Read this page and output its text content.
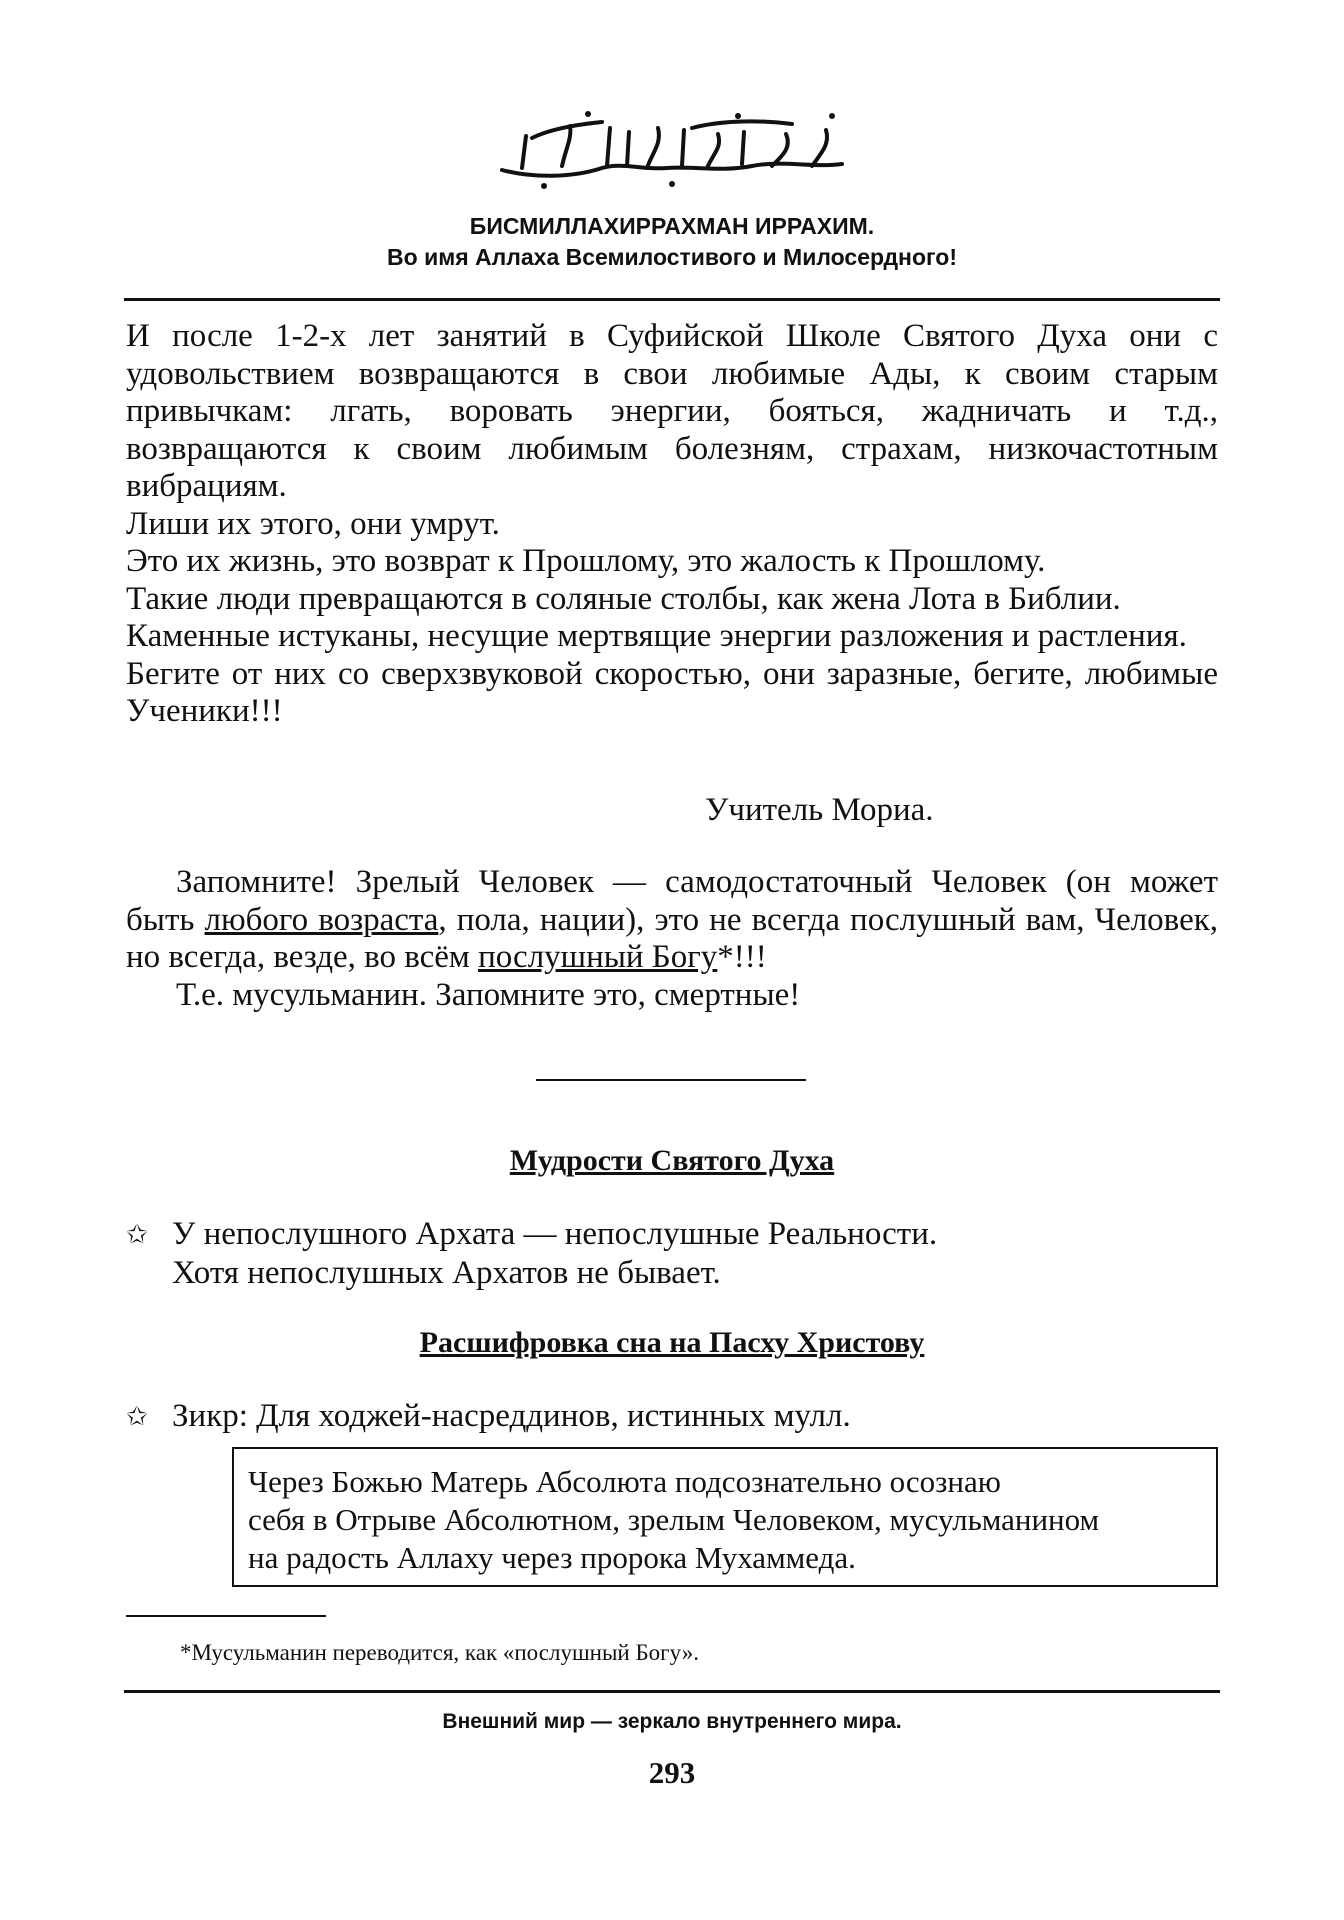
بِسْمِ اللَّهِ الرَّحْمَنِ الرَّحِيمِ
БИСМИЛЛАХИРРАХМАН ИРРАХИМ.
Во имя Аллаха Всемилостивого и Милосердного!

И после 1-2-х лет занятий в Суфийской Школе Святого Духа они с удовольствием возвращаются в свои любимые Ады, к своим старым привычкам: лгать, воровать энергии, бояться, жадничать и т.д., возвращаются к своим любимым болезням, страхам, низкочастотным вибрациям.

Лиши их этого, они умрут.

Это их жизнь, это возврат к Прошлому, это жалость к Прошлому.

Такие люди превращаются в соляные столбы, как жена Лота в Библии.

Каменные истуканы, несущие мертвящие энергии разложения и растления.

Бегите от них со сверхзвуковой скоростью, они заразные, бегите, любимые Ученики!!!

Учитель Мориа.

Запомните! Зрелый Человек — самодостаточный Человек (он может быть любого возраста, пола, нации), это не всегда послушный вам, Человек, но всегда, везде, во всём послушный Богу*!!!

Т.е. мусульманин. Запомните это, смертные!

Мудрости Святого Духа
✩ У непослушного Архата — непослушные Реальности.
Хотя непослушных Архатов не бывает.
Расшифровка сна на Пасху Христову
✩ Зикр: Для ходжей-насреддинов, истинных мулл.

Через Божью Матерь Абсолюта подсознательно осознаю

себя в Отрыве Абсолютном, зрелым Человеком, мусульманином

на радость Аллаху через пророка Мухаммеда.

*Мусульманин переводится, как «послушный Богу».
Внешний мир — зеркало внутреннего мира.
293
